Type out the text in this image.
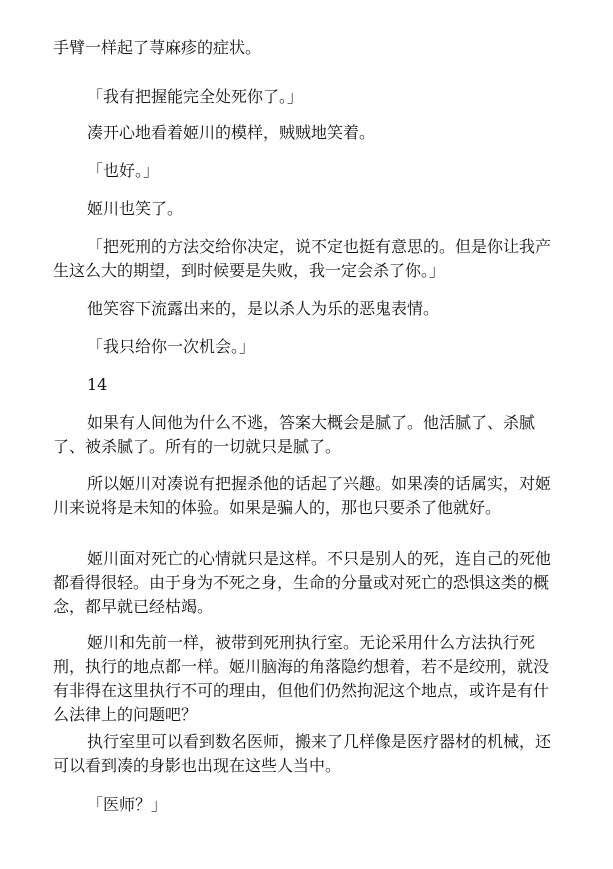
手臂一样起了荨麻疹的症状。

「我有把握能完全处死你了。」

凑开心地看着姬川的模样，贼贼地笑着。

「也好。」

姬川也笑了。

「把死刑的方法交给你决定，说不定也挺有意思的。但是你让我产生这么大的期望，到时候要是失败，我一定会杀了你。」

他笑容下流露出来的，是以杀人为乐的恶鬼表情。

「我只给你一次机会。」

14

如果有人间他为什么不逃，答案大概会是腻了。他活腻了、杀腻了、被杀腻了。所有的一切就只是腻了。

所以姬川对凑说有把握杀他的话起了兴趣。如果凑的话属实，对姬川来说将是未知的体验。如果是骗人的，那也只要杀了他就好。

姬川面对死亡的心情就只是这样。不只是别人的死，连自己的死他都看得很轻。由于身为不死之身，生命的分量或对死亡的恐惧这类的概念，都早就已经枯竭。

姬川和先前一样，被带到死刑执行室。无论采用什么方法执行死刑，执行的地点都一样。姬川脑海的角落隐约想着，若不是绞刑，就没有非得在这里执行不可的理由，但他们仍然拘泥这个地点，或许是有什么法律上的问题吧？

执行室里可以看到数名医师，搬来了几样像是医疗器材的机械，还可以看到凑的身影也出现在这些人当中。

「医师？」
